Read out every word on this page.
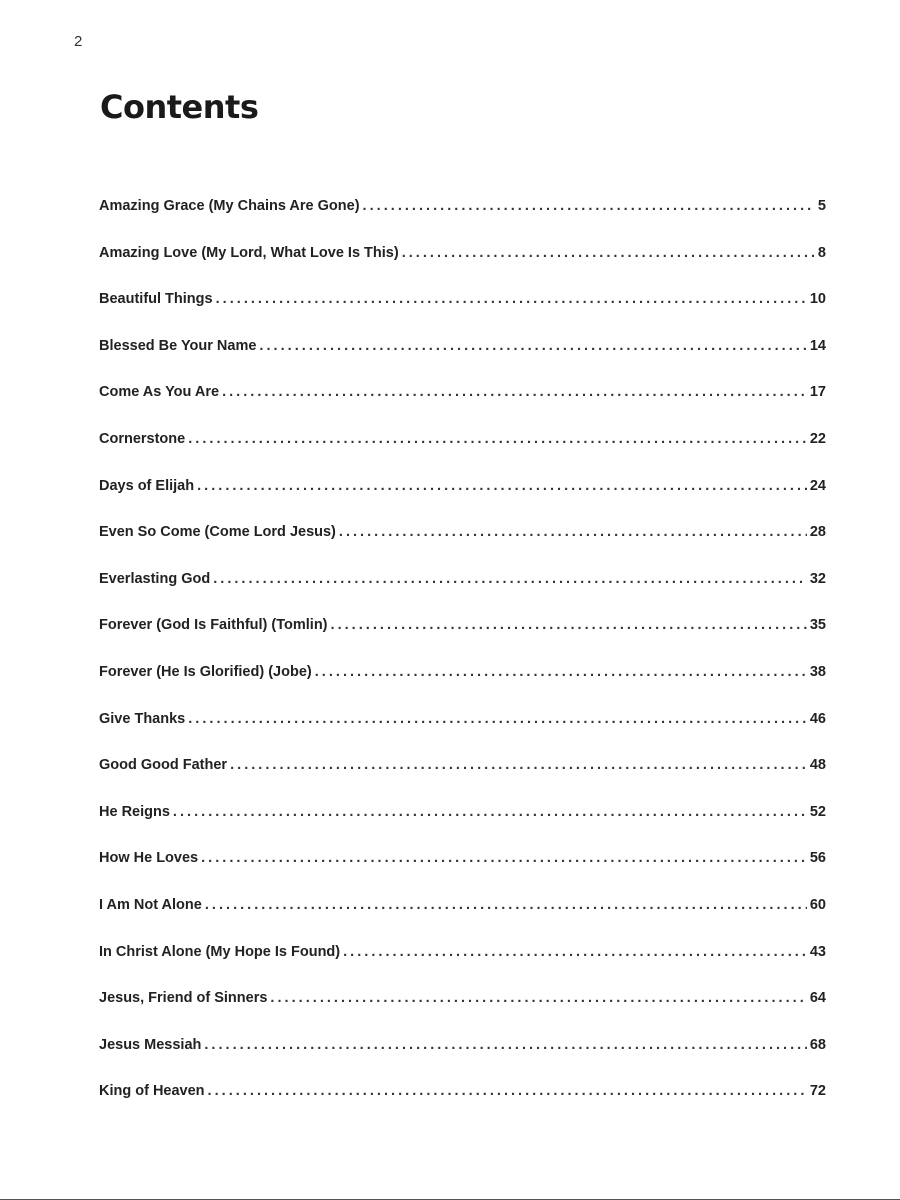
2
Contents
Amazing Grace (My Chains Are Gone) . . .	5
Amazing Love (My Lord, What Love Is This) . . .	8
Beautiful Things . . .	10
Blessed Be Your Name . . .	14
Come As You Are . . .	17
Cornerstone . . .	22
Days of Elijah . . .	24
Even So Come (Come Lord Jesus) . . .	28
Everlasting God . . .	32
Forever (God Is Faithful) (Tomlin) . . .	35
Forever (He Is Glorified) (Jobe) . . .	38
Give Thanks . . .	46
Good Good Father . . .	48
He Reigns . . .	52
How He Loves . . .	56
I Am Not Alone . . .	60
In Christ Alone (My Hope Is Found) . . .	43
Jesus, Friend of Sinners . . .	64
Jesus Messiah . . .	68
King of Heaven . . .	72
